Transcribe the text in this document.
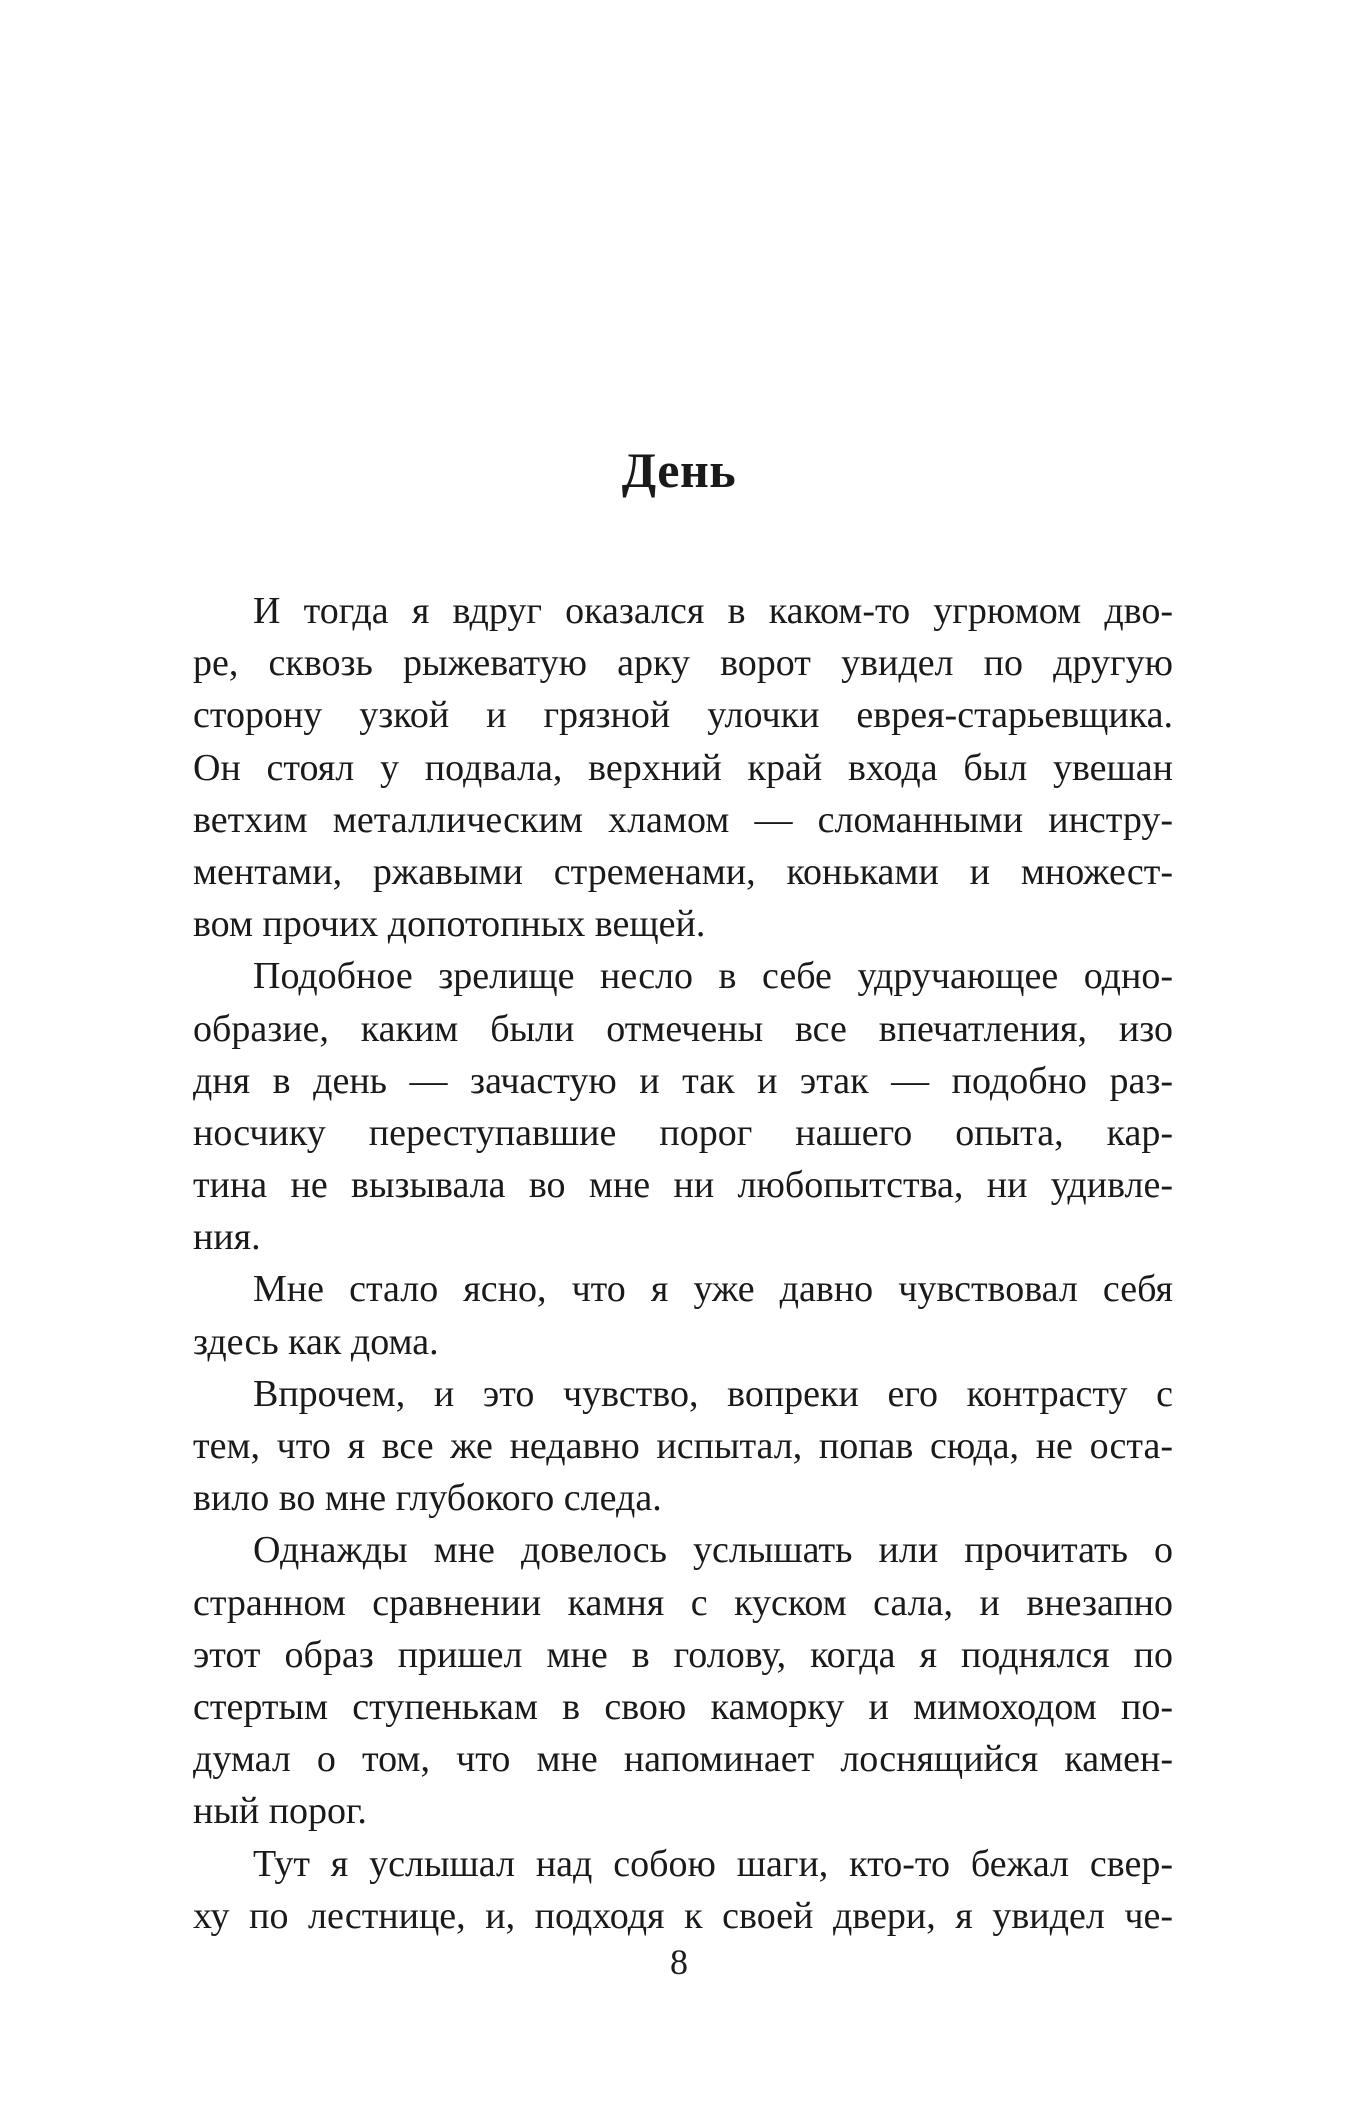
День
И тогда я вдруг оказался в каком-то угрюмом дво-
ре, сквозь рыжеватую арку ворот увидел по другую
сторону узкой и грязной улочки еврея-старьевщика.
Он стоял у подвала, верхний край входа был увешан
ветхим металлическим хламом — сломанными инстру-
ментами, ржавыми стременами, коньками и множест-
вом прочих допотопных вещей.
Подобное зрелище несло в себе удручающее одно-
образие, каким были отмечены все впечатления, изо
дня в день — зачастую и так и этак — подобно раз-
носчику переступавшие порог нашего опыта, кар-
тина не вызывала во мне ни любопытства, ни удивле-
ния.
Мне стало ясно, что я уже давно чувствовал себя
здесь как дома.
Впрочем, и это чувство, вопреки его контрасту с
тем, что я все же недавно испытал, попав сюда, не оста-
вило во мне глубокого следа.
Однажды мне довелось услышать или прочитать о
странном сравнении камня с куском сала, и внезапно
этот образ пришел мне в голову, когда я поднялся по
стертым ступенькам в свою каморку и мимоходом по-
думал о том, что мне напоминает лоснящийся камен-
ный порог.
Тут я услышал над собою шаги, кто-то бежал свер-
ху по лестнице, и, подходя к своей двери, я увидел че-
8
